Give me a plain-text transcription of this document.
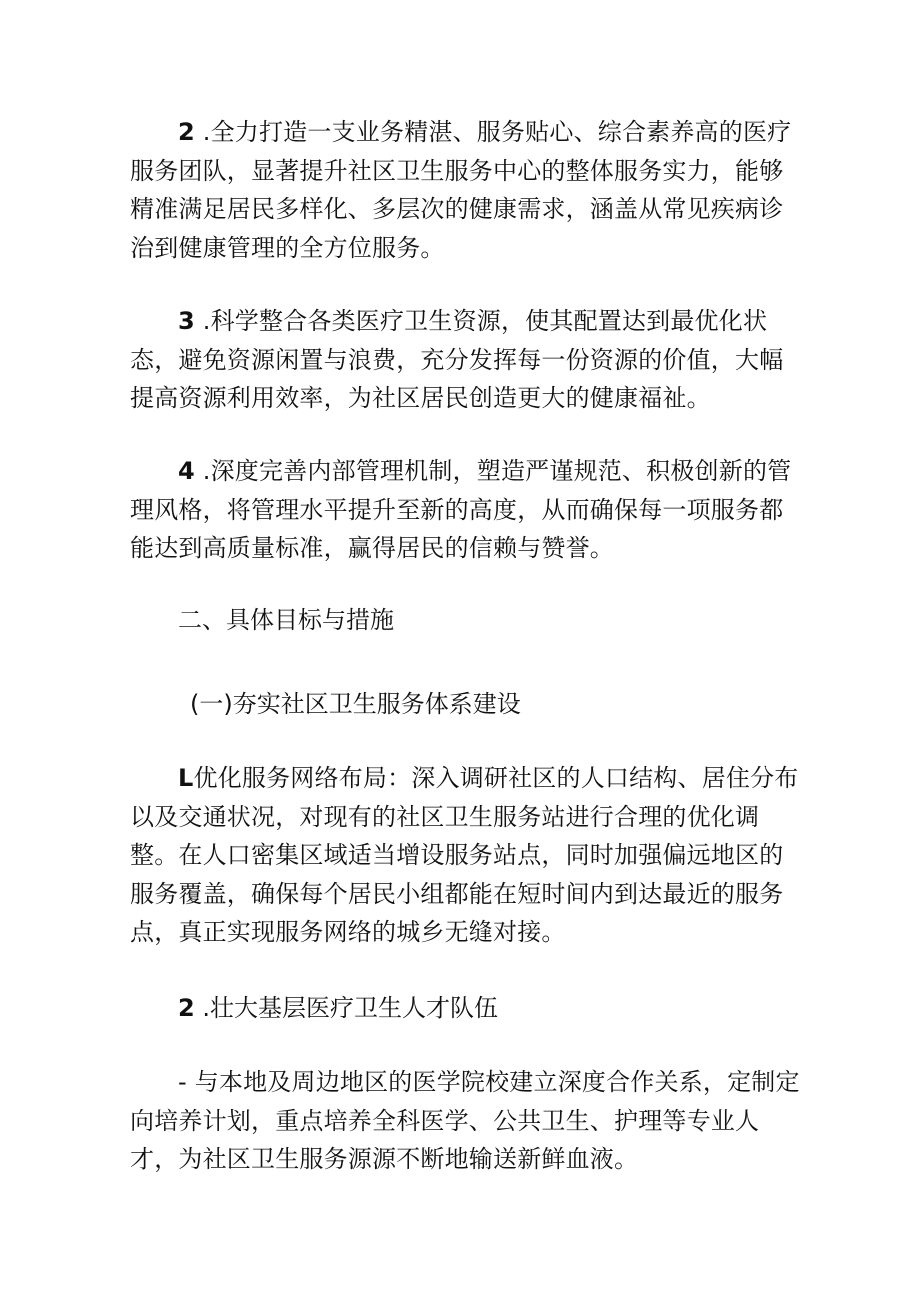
2 .全力打造一支业务精湛、服务贴心、综合素养高的医疗服务团队，显著提升社区卫生服务中心的整体服务实力，能够精准满足居民多样化、多层次的健康需求，涵盖从常见疾病诊治到健康管理的全方位服务。

3 .科学整合各类医疗卫生资源，使其配置达到最优化状态，避免资源闲置与浪费，充分发挥每一份资源的价值，大幅提高资源利用效率，为社区居民创造更大的健康福祉。

4 .深度完善内部管理机制，塑造严谨规范、积极创新的管理风格，将管理水平提升至新的高度，从而确保每一项服务都能达到高质量标准，赢得居民的信赖与赞誉。

二、具体目标与措施

(一)夯实社区卫生服务体系建设

L优化服务网络布局：深入调研社区的人口结构、居住分布以及交通状况，对现有的社区卫生服务站进行合理的优化调整。在人口密集区域适当增设服务站点，同时加强偏远地区的服务覆盖，确保每个居民小组都能在短时间内到达最近的服务点，真正实现服务网络的城乡无缝对接。

2 .壮大基层医疗卫生人才队伍

- 与本地及周边地区的医学院校建立深度合作关系，定制定向培养计划，重点培养全科医学、公共卫生、护理等专业人才，为社区卫生服务源源不断地输送新鲜血液。
